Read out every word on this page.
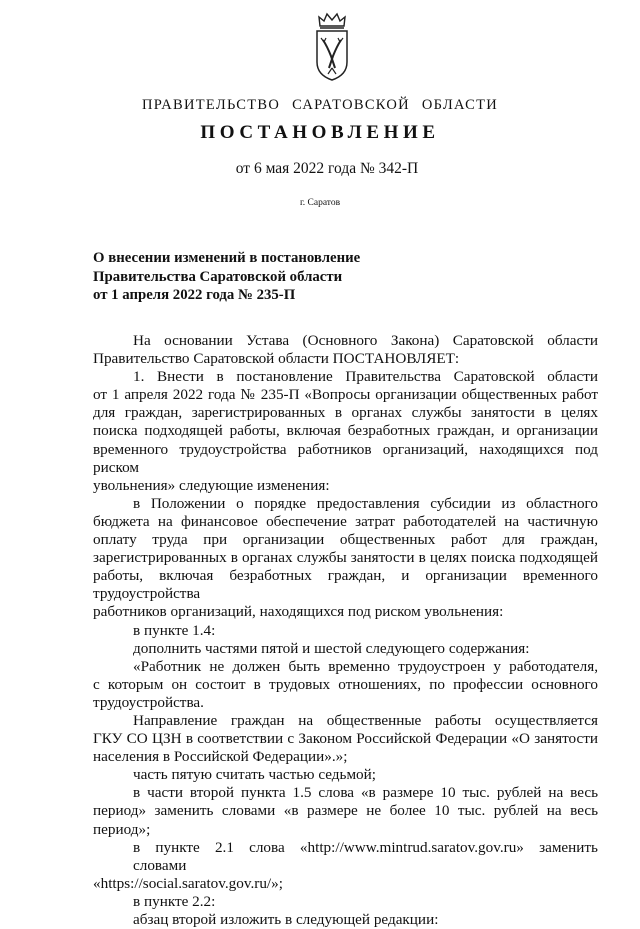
ПРАВИТЕЛЬСТВО САРАТОВСКОЙ ОБЛАСТИ
ПОСТАНОВЛЕНИЕ
от 6 мая 2022 года № 342-П
г. Саратов
О внесении изменений в постановление
Правительства Саратовской области
от 1 апреля 2022 года № 235-П
На основании Устава (Основного Закона) Саратовской области
Правительство Саратовской области ПОСТАНОВЛЯЕТ:
1. Внести в постановление Правительства Саратовской области
от 1 апреля 2022 года № 235-П «Вопросы организации общественных работ
для граждан, зарегистрированных в органах службы занятости в целях
поиска подходящей работы, включая безработных граждан, и организации
временного трудоустройства работников организаций, находящихся под риском
увольнения» следующие изменения:
в Положении о порядке предоставления субсидии из областного
бюджета на финансовое обеспечение затрат работодателей на частичную
оплату труда при организации общественных работ для граждан,
зарегистрированных в органах службы занятости в целях поиска подходящей
работы, включая безработных граждан, и организации временного трудоустройства
работников организаций, находящихся под риском увольнения:
в пункте 1.4:
дополнить частями пятой и шестой следующего содержания:
«Работник не должен быть временно трудоустроен у работодателя,
с которым он состоит в трудовых отношениях, по профессии основного
трудоустройства.
Направление граждан на общественные работы осуществляется
ГКУ СО ЦЗН в соответствии с Законом Российской Федерации «О занятости
населения в Российской Федерации».»;
часть пятую считать частью седьмой;
в части второй пункта 1.5 слова «в размере 10 тыс. рублей на весь
период» заменить словами «в размере не более 10 тыс. рублей на весь
период»;
в пункте 2.1 слова «http://www.mintrud.saratov.gov.ru» заменить словами
«https://social.saratov.gov.ru/»;
в пункте 2.2:
абзац второй изложить в следующей редакции:
